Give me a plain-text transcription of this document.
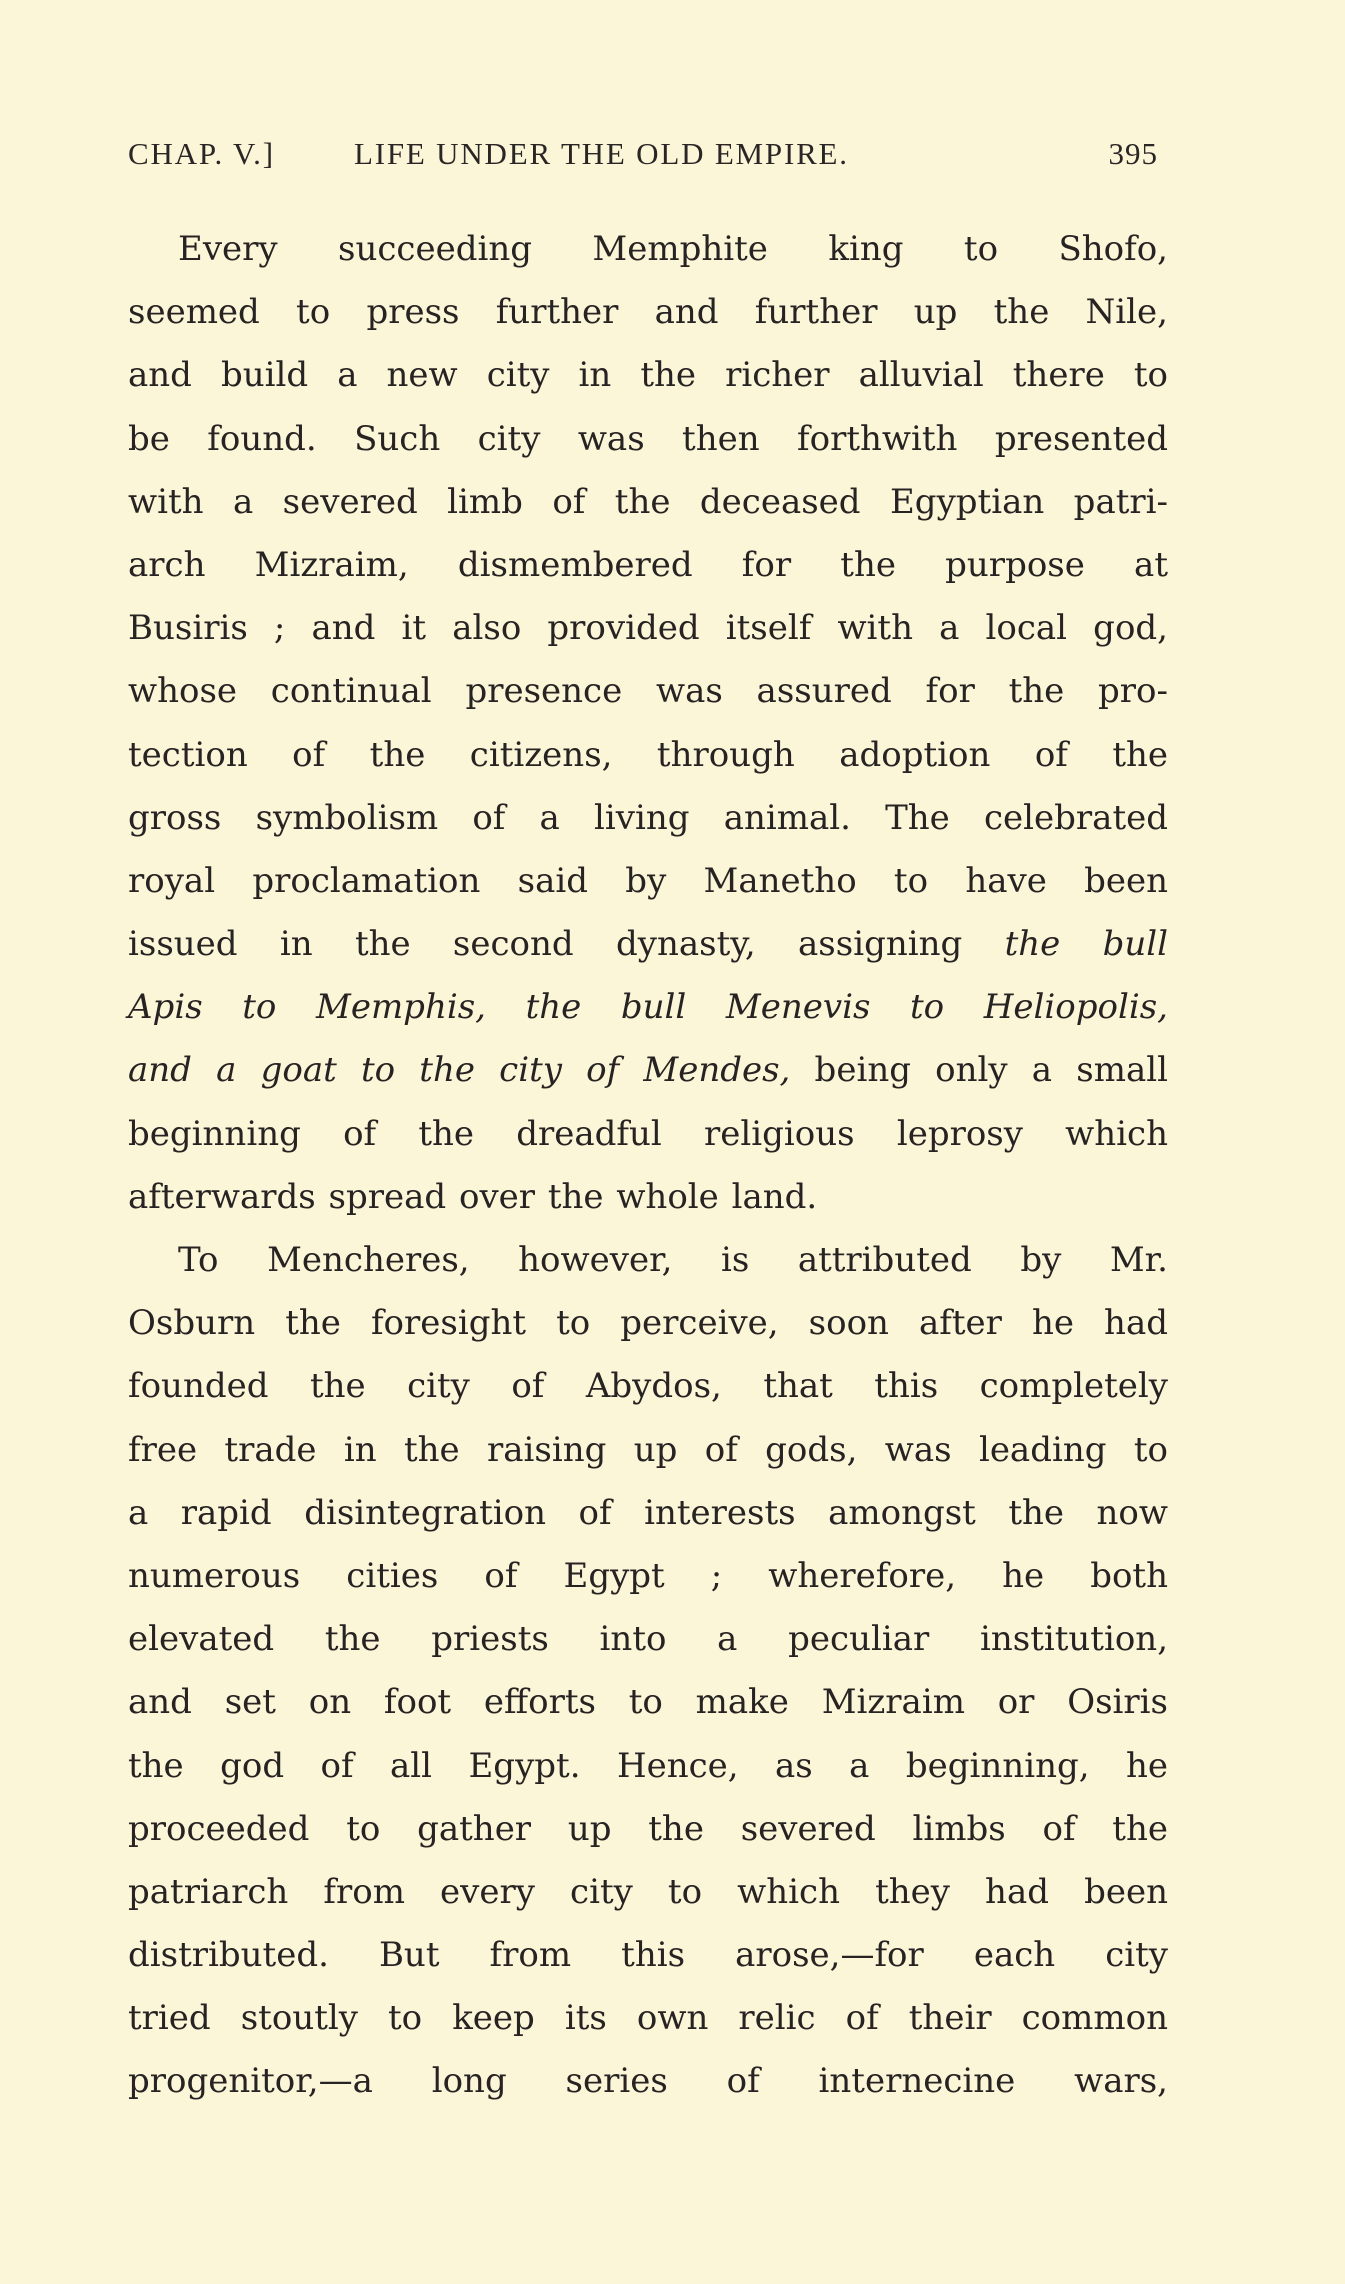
CHAP. V.]	LIFE UNDER THE OLD EMPIRE.	395
Every succeeding Memphite king to Shofo,
seemed to press further and further up the Nile,
and build a new city in the richer alluvial there to
be found. Such city was then forthwith presented
with a severed limb of the deceased Egyptian patri-
arch Mizraim, dismembered for the purpose at
Busiris ; and it also provided itself with a local god,
whose continual presence was assured for the pro-
tection of the citizens, through adoption of the
gross symbolism of a living animal. The celebrated
royal proclamation said by Manetho to have been
issued in the second dynasty, assigning the bull
Apis to Memphis, the bull Menevis to Heliopolis,
and a goat to the city of Mendes, being only a small
beginning of the dreadful religious leprosy which
afterwards spread over the whole land.
To Mencheres, however, is attributed by Mr.
Osburn the foresight to perceive, soon after he had
founded the city of Abydos, that this completely
free trade in the raising up of gods, was leading to
a rapid disintegration of interests amongst the now
numerous cities of Egypt ; wherefore, he both
elevated the priests into a peculiar institution,
and set on foot efforts to make Mizraim or Osiris
the god of all Egypt. Hence, as a beginning, he
proceeded to gather up the severed limbs of the
patriarch from every city to which they had been
distributed. But from this arose,—for each city
tried stoutly to keep its own relic of their common
progenitor,—a long series of internecine wars,
